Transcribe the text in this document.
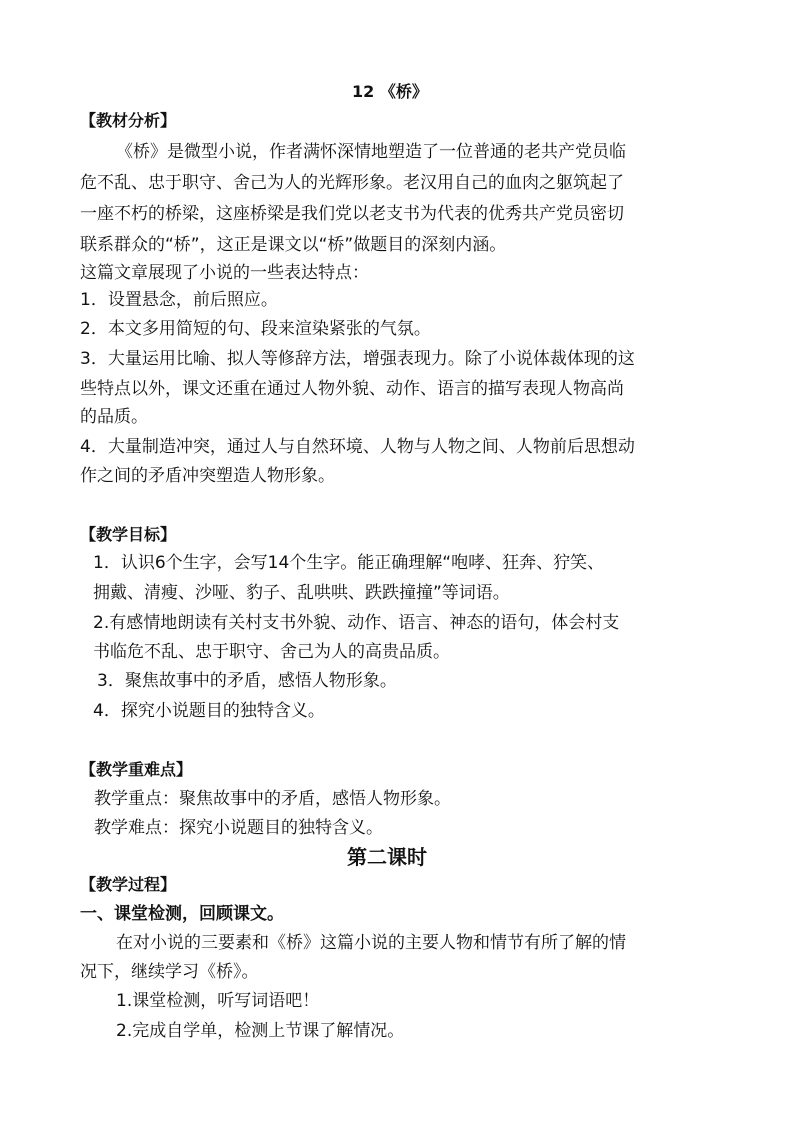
12 《桥》
【教材分析】
《桥》是微型小说，作者满怀深情地塑造了一位普通的老共产党员临
危不乱、忠于职守、舍己为人的光辉形象。老汉用自己的血肉之躯筑起了
一座不朽的桥梁，这座桥梁是我们党以老支书为代表的优秀共产党员密切
联系群众的“桥”，这正是课文以“桥”做题目的深刻内涵。
这篇文章展现了小说的一些表达特点：
1．设置悬念，前后照应。
2．本文多用简短的句、段来渲染紧张的气氛。
3．大量运用比喻、拟人等修辞方法，增强表现力。除了小说体裁体现的这
些特点以外，课文还重在通过人物外貌、动作、语言的描写表现人物高尚
的品质。
4．大量制造冲突，通过人与自然环境、人物与人物之间、人物前后思想动
作之间的矛盾冲突塑造人物形象。
【教学目标】
1．认识6个生字，会写14个生字。能正确理解“咆哮、狂奔、狞笑、
拥戴、清瘦、沙哑、豹子、乱哄哄、跌跌撞撞”等词语。
2.有感情地朗读有关村支书外貌、动作、语言、神态的语句，体会村支
书临危不乱、忠于职守、舍己为人的高贵品质。
3．聚焦故事中的矛盾，感悟人物形象。
4．探究小说题目的独特含义。
【教学重难点】
教学重点：聚焦故事中的矛盾，感悟人物形象。
教学难点：探究小说题目的独特含义。
第二课时
【教学过程】
一、课堂检测，回顾课文。
在对小说的三要素和《桥》这篇小说的主要人物和情节有所了解的情
况下，继续学习《桥》。
1.课堂检测，听写词语吧！
2.完成自学单，检测上节课了解情况。
